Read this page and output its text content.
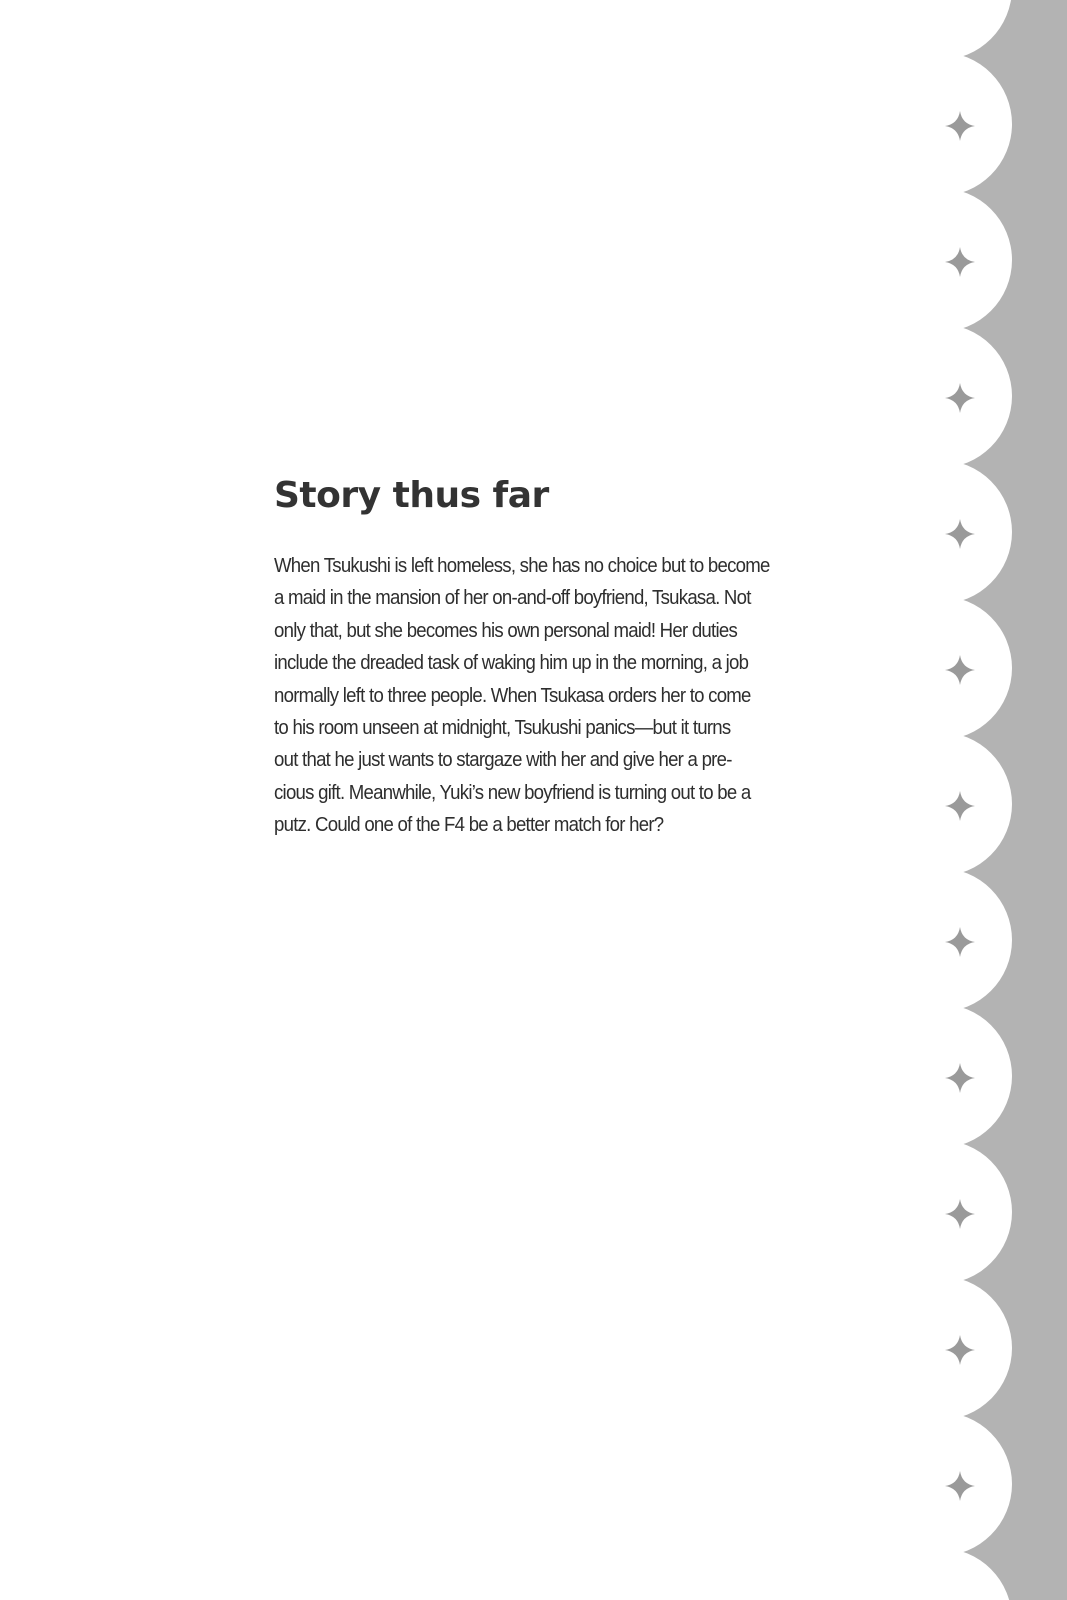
Story thus far
When Tsukushi is left homeless, she has no choice but to become
a maid in the mansion of her on-and-off boyfriend, Tsukasa. Not
only that, but she becomes his own personal maid! Her duties
include the dreaded task of waking him up in the morning, a job
normally left to three people. When Tsukasa orders her to come
to his room unseen at midnight, Tsukushi panics—but it turns
out that he just wants to stargaze with her and give her a pre-
cious gift. Meanwhile, Yuki’s new boyfriend is turning out to be a
putz. Could one of the F4 be a better match for her?
